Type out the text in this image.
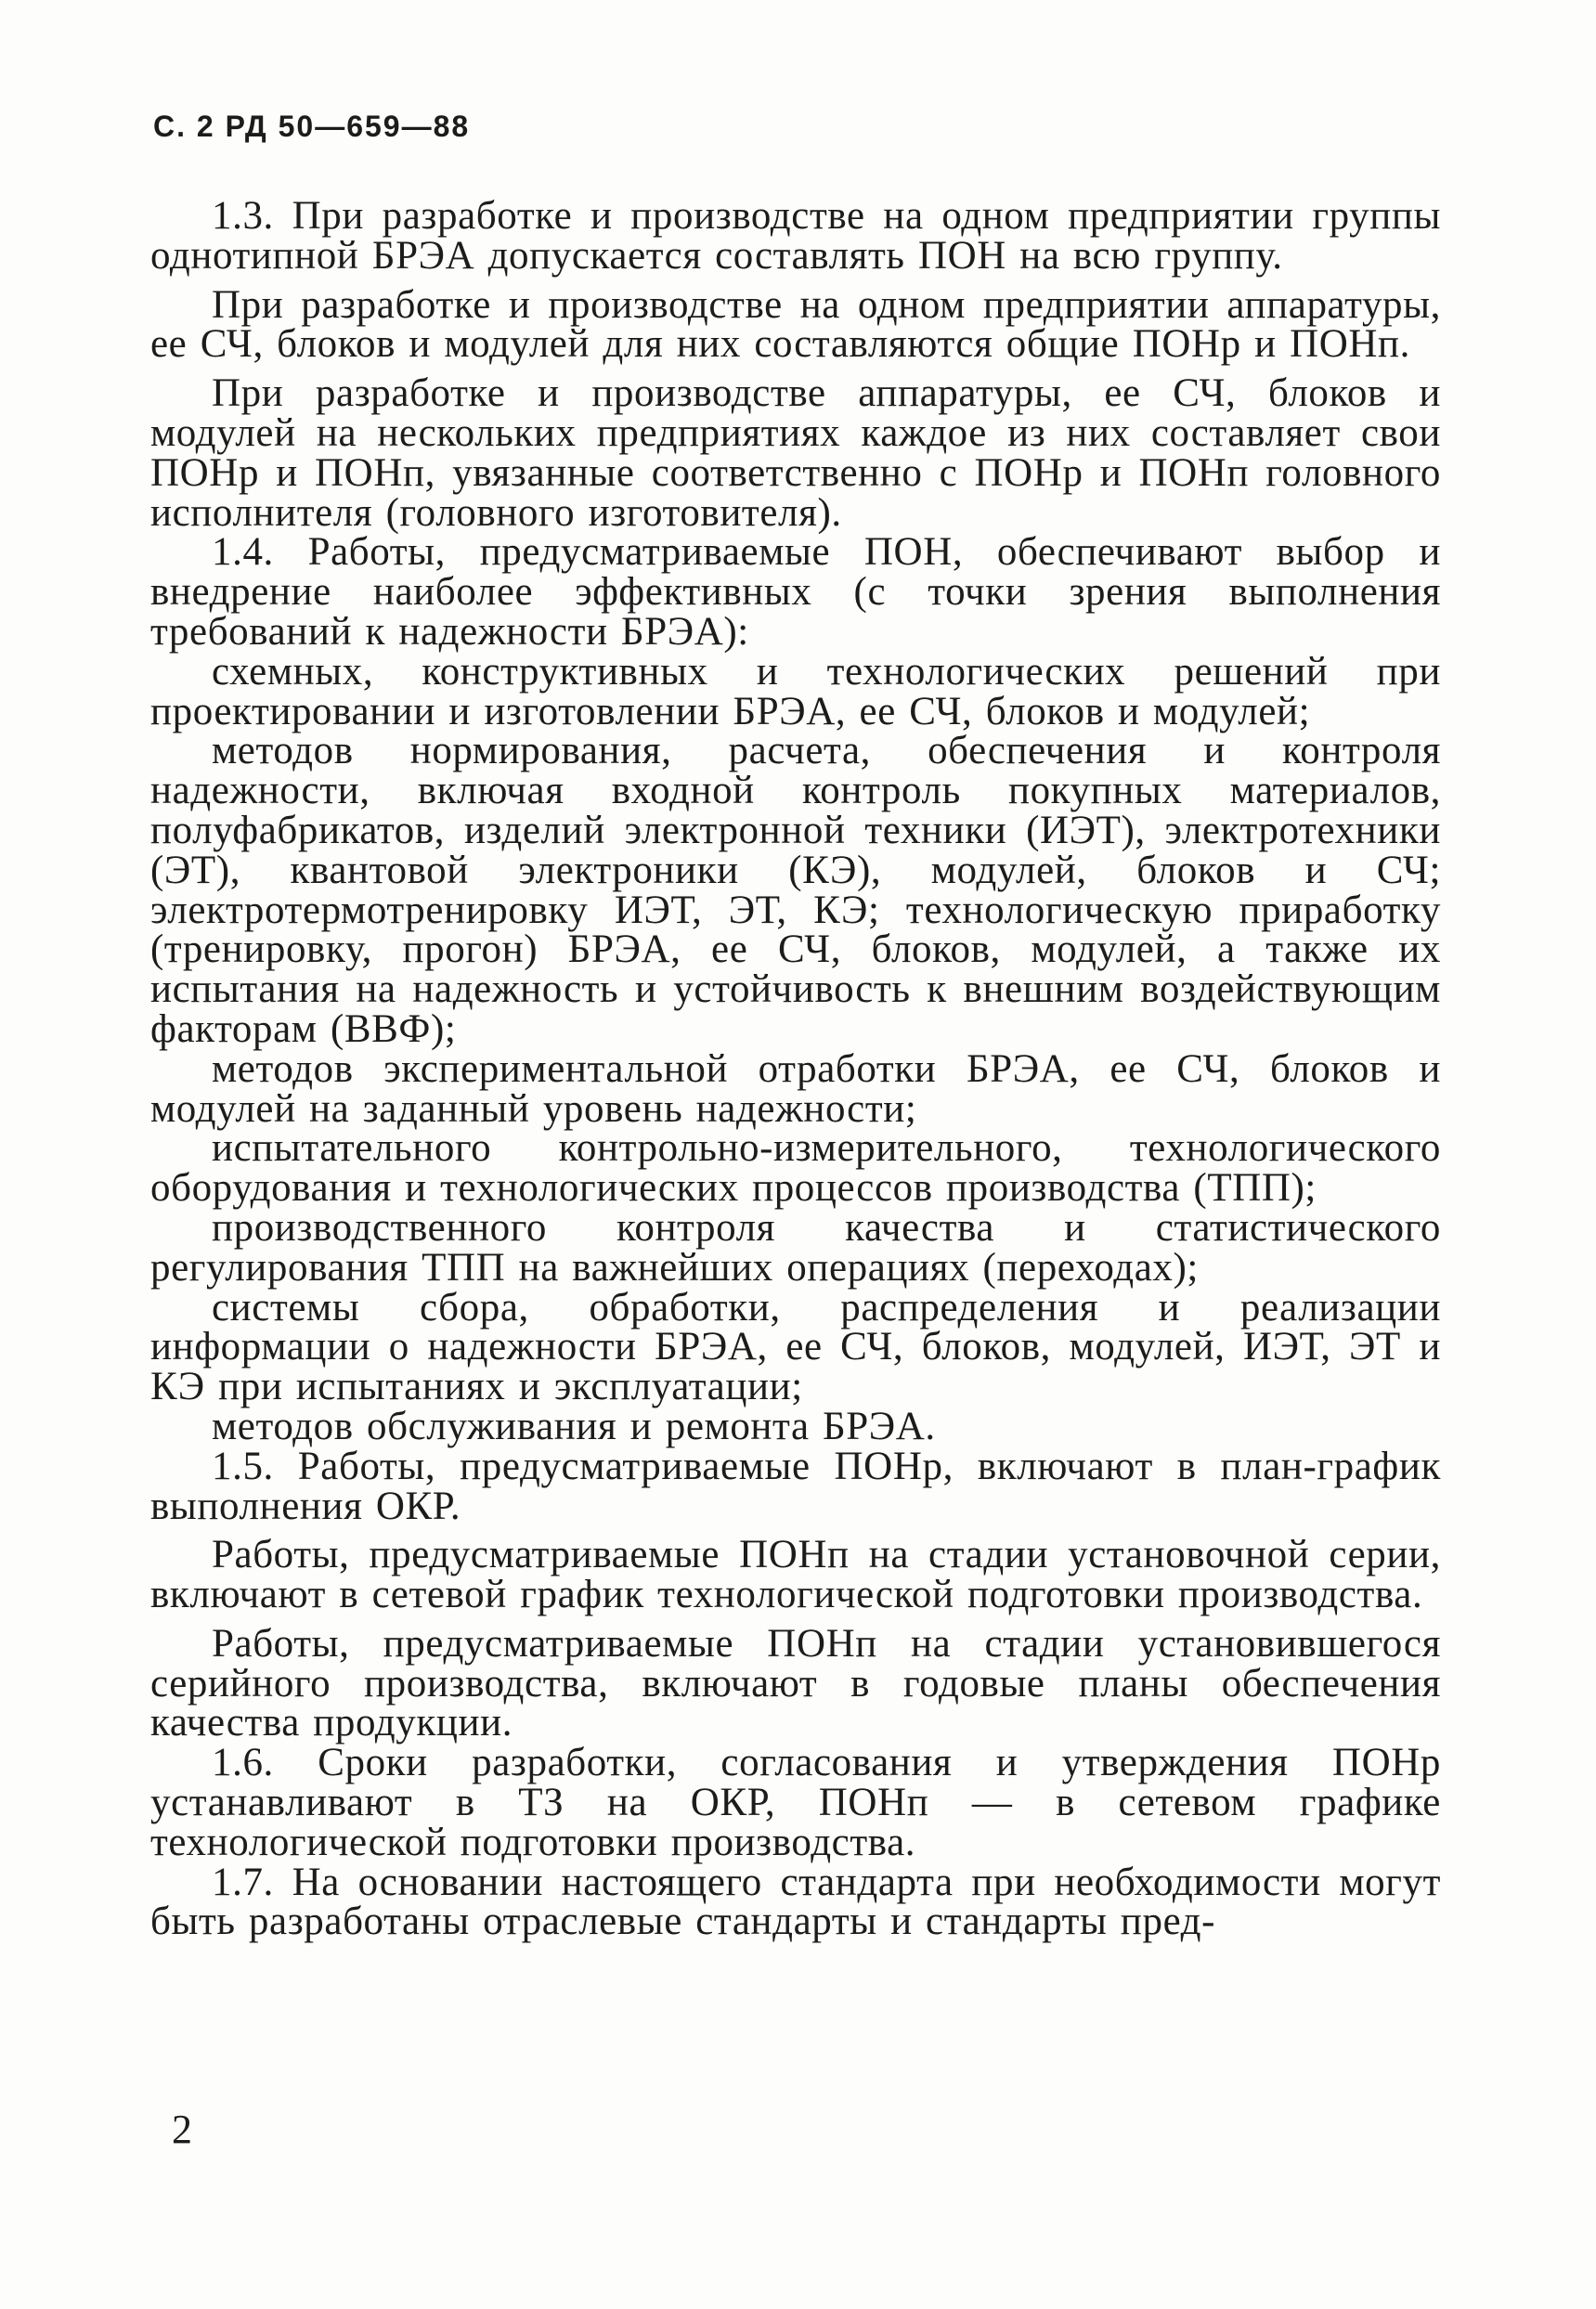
С. 2 РД 50—659—88

1.3. При разработке и производстве на одном предприятии группы однотипной БРЭА допускается составлять ПОН на всю группу.

При разработке и производстве на одном предприятии аппаратуры, ее СЧ, блоков и модулей для них составляются общие ПОНр и ПОНп.

При разработке и производстве аппаратуры, ее СЧ, блоков и модулей на нескольких предприятиях каждое из них составляет свои ПОНр и ПОНп, увязанные соответственно с ПОНр и ПОНп головного исполнителя (головного изготовителя).

1.4. Работы, предусматриваемые ПОН, обеспечивают выбор и внедрение наиболее эффективных (с точки зрения выполнения требований к надежности БРЭА):

схемных, конструктивных и технологических решений при проектировании и изготовлении БРЭА, ее СЧ, блоков и модулей;

методов нормирования, расчета, обеспечения и контроля надежности, включая входной контроль покупных материалов, полуфабрикатов, изделий электронной техники (ИЭТ), электротехники (ЭТ), квантовой электроники (КЭ), модулей, блоков и СЧ; электротермотренировку ИЭТ, ЭТ, КЭ; технологическую приработку (тренировку, прогон) БРЭА, ее СЧ, блоков, модулей, а также их испытания на надежность и устойчивость к внешним воздействующим факторам (ВВФ);

методов экспериментальной отработки БРЭА, ее СЧ, блоков и модулей на заданный уровень надежности;

испытательного контрольно-измерительного, технологического оборудования и технологических процессов производства (ТПП);

производственного контроля качества и статистического регулирования ТПП на важнейших операциях (переходах);

системы сбора, обработки, распределения и реализации информации о надежности БРЭА, ее СЧ, блоков, модулей, ИЭТ, ЭТ и КЭ при испытаниях и эксплуатации;

методов обслуживания и ремонта БРЭА.

1.5. Работы, предусматриваемые ПОНр, включают в план-график выполнения ОКР.

Работы, предусматриваемые ПОНп на стадии установочной серии, включают в сетевой график технологической подготовки производства.

Работы, предусматриваемые ПОНп на стадии установившегося серийного производства, включают в годовые планы обеспечения качества продукции.

1.6. Сроки разработки, согласования и утверждения ПОНр устанавливают в ТЗ на ОКР, ПОНп — в сетевом графике технологической подготовки производства.

1.7. На основании настоящего стандарта при необходимости могут быть разработаны отраслевые стандарты и стандарты пред-

2
